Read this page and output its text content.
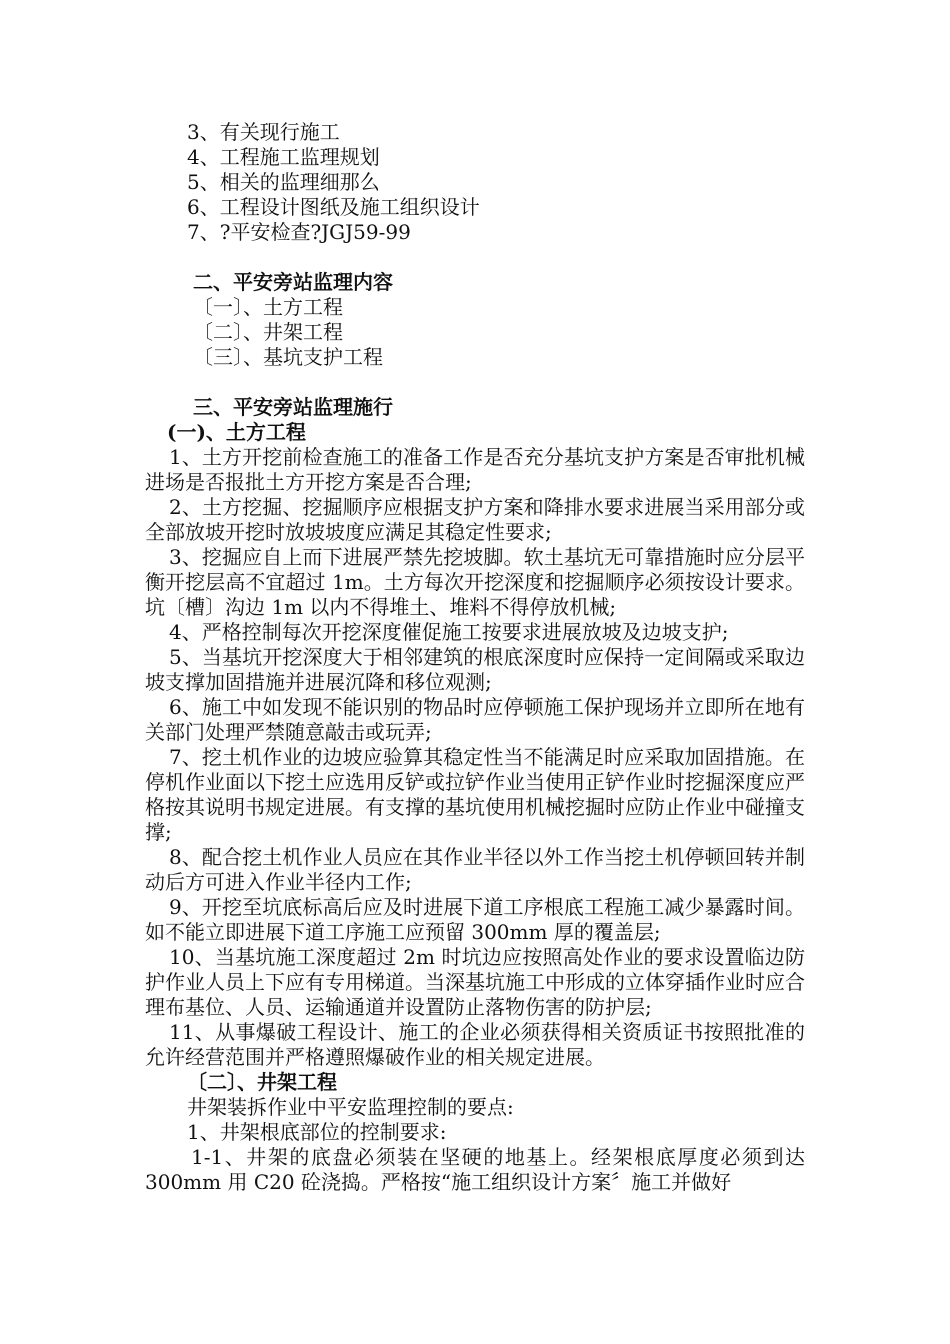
3、有关现行施工
4、工程施工监理规划
5、相关的监理细那么
6、工程设计图纸及施工组织设计
7、?平安检查?JGJ59-99
二、平安旁站监理内容
〔一〕、土方工程
〔二〕、井架工程
〔三〕、基坑支护工程
三、平安旁站监理施行
(一)、土方工程

1、土方开挖前检查施工的准备工作是否充分基坑支护方案是否审批机械进场是否报批土方开挖方案是否合理;

2、土方挖掘、挖掘顺序应根据支护方案和降排水要求进展当采用部分或全部放坡开挖时放坡坡度应满足其稳定性要求;

3、挖掘应自上而下进展严禁先挖坡脚。软土基坑无可靠措施时应分层平衡开挖层高不宜超过 1m。土方每次开挖深度和挖掘顺序必须按设计要求。坑〔槽〕沟边 1m 以内不得堆土、堆料不得停放机械;

4、严格控制每次开挖深度催促施工按要求进展放坡及边坡支护;

5、当基坑开挖深度大于相邻建筑的根底深度时应保持一定间隔或采取边坡支撑加固措施并进展沉降和移位观测;

6、施工中如发现不能识别的物品时应停顿施工保护现场并立即所在地有关部门处理严禁随意敲击或玩弄;

7、挖土机作业的边坡应验算其稳定性当不能满足时应采取加固措施。在停机作业面以下挖土应选用反铲或拉铲作业当使用正铲作业时挖掘深度应严格按其说明书规定进展。有支撑的基坑使用机械挖掘时应防止作业中碰撞支撑;

8、配合挖土机作业人员应在其作业半径以外工作当挖土机停顿回转并制动后方可进入作业半径内工作;

9、开挖至坑底标高后应及时进展下道工序根底工程施工减少暴露时间。如不能立即进展下道工序施工应预留 300mm 厚的覆盖层;

10、当基坑施工深度超过 2m 时坑边应按照高处作业的要求设置临边防护作业人员上下应有专用梯道。当深基坑施工中形成的立体穿插作业时应合理布基位、人员、运输通道并设置防止落物伤害的防护层;

11、从事爆破工程设计、施工的企业必须获得相关资质证书按照批准的允许经营范围并严格遵照爆破作业的相关规定进展。

〔二〕、井架工程
井架装拆作业中平安监理控制的要点:
1、井架根底部位的控制要求:

1-1、井架的底盘必须装在坚硬的地基上。经架根底厚度必须到达 300mm 用 C20 砼浇捣。严格按“施工组织设计方案〞施工并做好
